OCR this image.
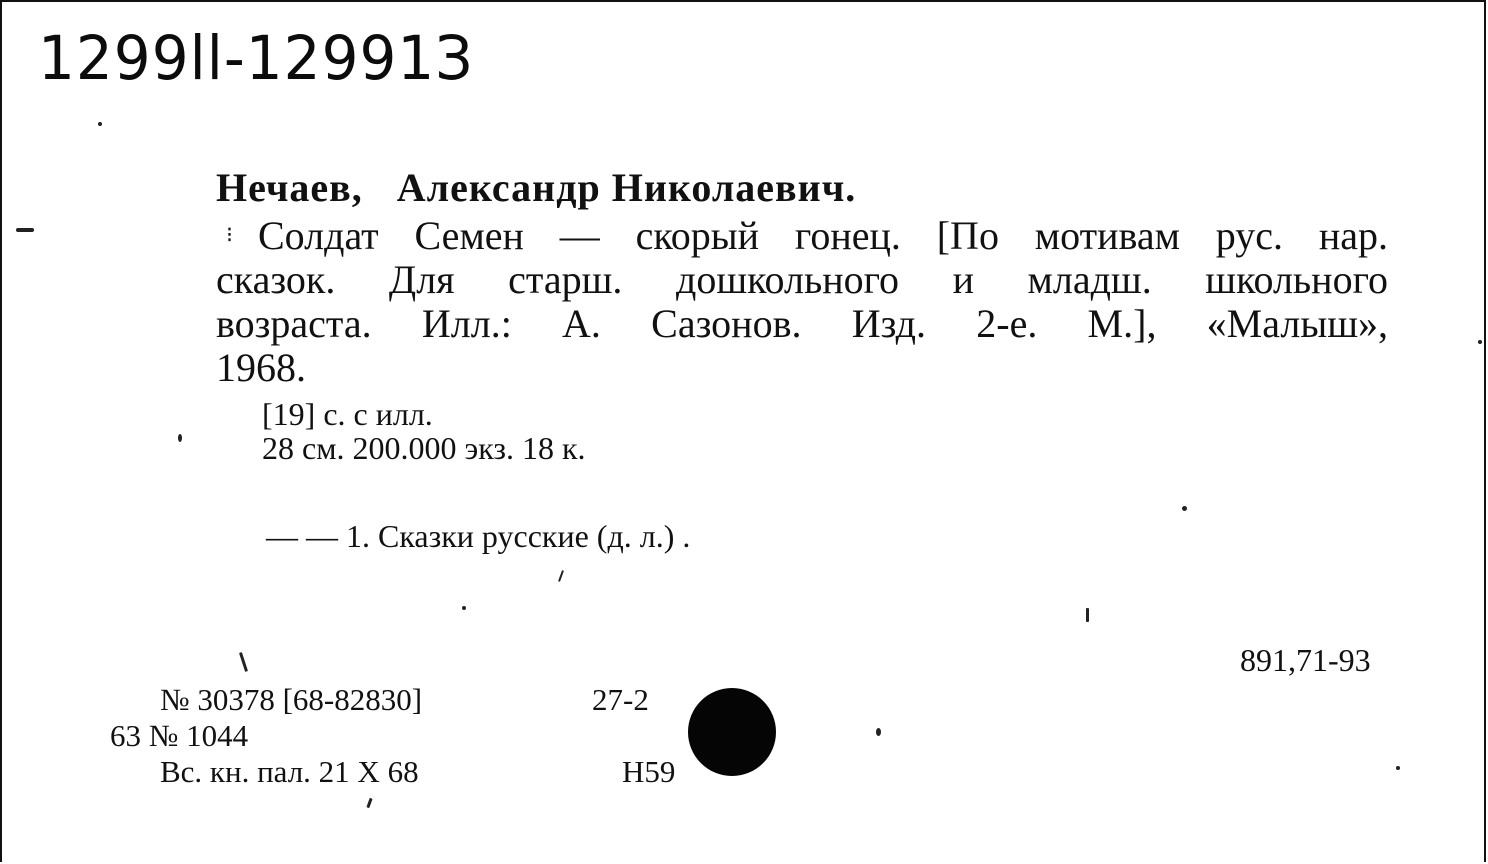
1299ll-12991З
Нечаев, Александр Николаевич.
⁝ Солдат Семен — скорый гонец. [По мотивам рус. нар.
сказок. Для старш. дошкольного и младш. школьного
возраста. Илл.: А. Сазонов. Изд. 2-е. М.], «Малыш»,
1968.
[19] с. с илл.
28 см. 200.000 экз. 18 к.
— — 1. Сказки русские (д. л.) .
891,71-93
№ 30378 [68-82830]	27-2
63 № 1044
Вс. кн. пал. 21 X 68	Н59
